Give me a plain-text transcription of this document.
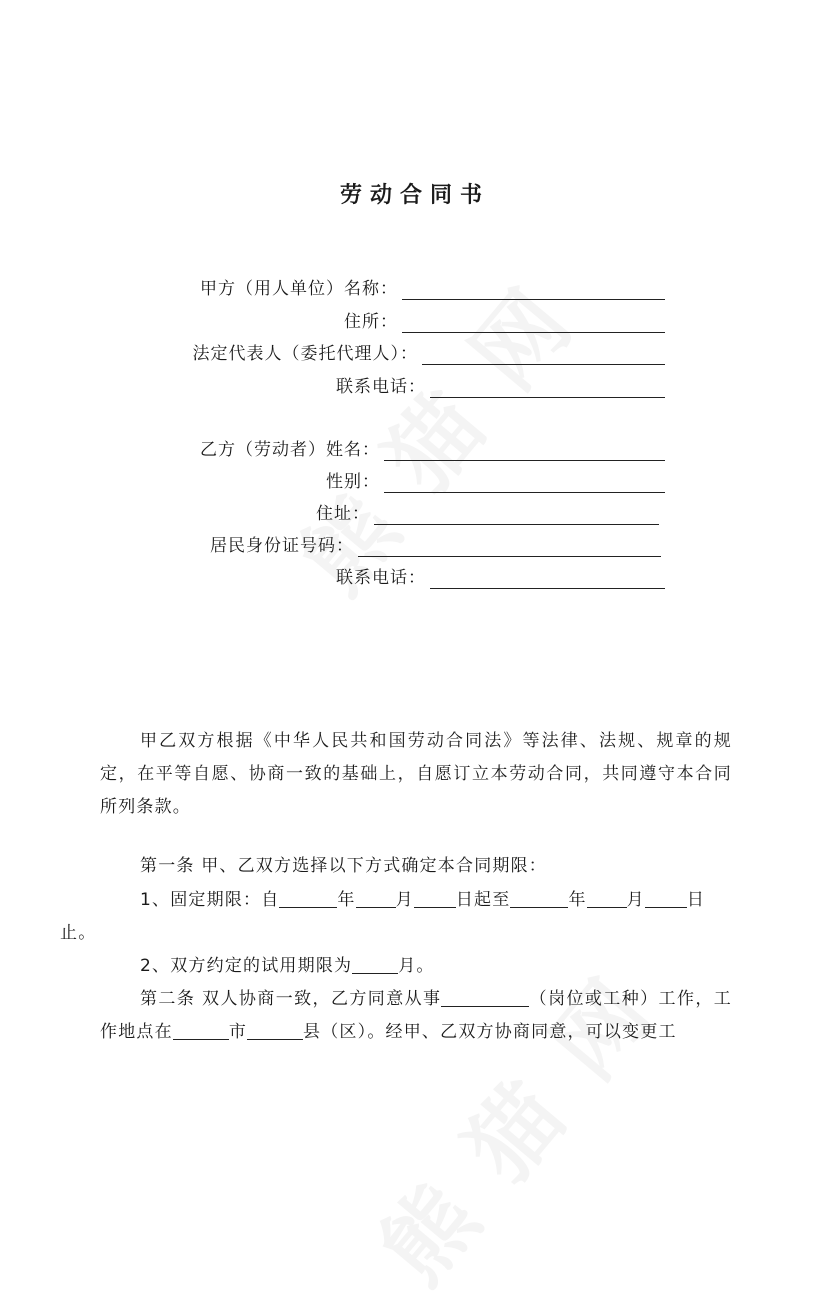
劳动合同书
甲方（用人单位）名称：
住所：
法定代表人（委托代理人）：
联系电话：
乙方（劳动者）姓名：
性别：
住址：
居民身份证号码：
联系电话：
甲乙双方根据《中华人民共和国劳动合同法》等法律、法规、规章的规定，在平等自愿、协商一致的基础上，自愿订立本劳动合同，共同遵守本合同所列条款。
第一条 甲、乙双方选择以下方式确定本合同期限：
1、固定期限：自	年 月 日起至	年 月 日
止。
2、双方约定的试用期限为	月。
第二条 双人协商一致，乙方同意从事	（岗位或工种）工作，工作地点在	市	县（区）。经甲、乙双方协商同意，可以变更工
